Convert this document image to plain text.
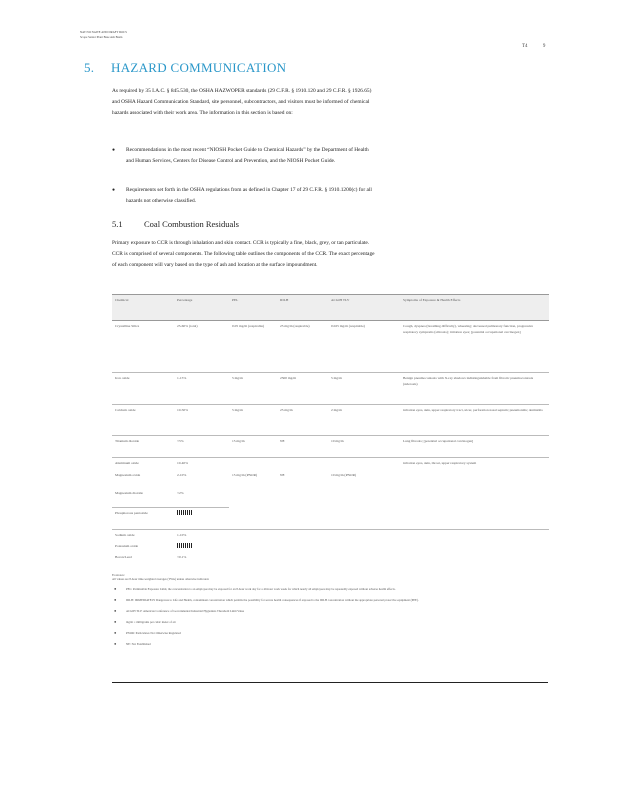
NAT NO NAITE AND DRAFT DOCS
Scope Senior Plant Base Ash Basin
T4	9
5. HAZARD COMMUNICATION
As required by 35 I.A.C. § 845.530, the OSHA HAZWOPER standards (29 C.F.R. § 1910.120 and 29 C.F.R. § 1926.65) and OSHA Hazard Communication Standard, site personnel, subcontractors, and visitors must be informed of chemical hazards associated with their work area. The information in this section is based on:
● Recommendations in the most recent “NIOSH Pocket Guide to Chemical Hazards” by the Department of Health and Human Services, Centers for Disease Control and Prevention, and the NIOSH Pocket Guide.
● Requirements set forth in the OSHA regulations from as defined in Chapter 17 of 29 C.F.R. § 1910.1200(c) for all hazards not otherwise classified.
5.1	Coal Combustion Residuals
Primary exposure to CCR is through inhalation and skin contact. CCR is typically a fine, black, grey, or tan particulate. CCR is comprised of several components. The following table outlines the components of the CCR. The exact percentage of each component will vary based on the type of ash and location at the surface impoundment.
Chemical	Percentage	PEL	IDLH	ACGIH TLV	Symptoms of Exposure & Health Effects
Crystalline Silica	25-60% (total)	0.05 mg/m (respirable)	25 mg/m (respirable)	0.025 mg/m (respirable)	Cough, dyspnea (breathing difficulty), wheezing; decreased pulmonary function, progressive respiratory symptoms (silicosis); irritation eyes; [potential occupational carcinogen]
Iron oxide	1-15%	5 mg/m	2500 mg/m	5 mg/m	Benign pneumoconiosis with X-ray shadows indistinguishable from fibrotic pneumoconiosis (siderosis)
Calcium oxide	10-50%	5 mg/m	25 mg/m	2 mg/m	irritation eyes, skin, upper respiratory tract, ulcer, perforation nasal septum; pneumonitis; dermatitis
Titanium dioxide	<5%	15 mg/m	NE	10 mg/m	Lung fibrosis; [potential occupational carcinogen]
Aluminum oxide	10-40%				irritation eyes, skin, throat, upper respiratory system
Magnesium oxide	2-10%	15 mg/m (PNOR)	NE	10 mg/m (PNOR)	
Magnesium dioxide	<2%				
Phosphorous pentoxide					
Sodium oxide	1-10%				
Potassium oxide					
Boron/Lead	<0.1%				
Footnotes:
All values are 8-hour time-weighted averages (TWA) unless otherwise indicated.
●	PEL: Permissible Exposure Limit, the concentration to an employee may be exposed for an 8-hour work day for a 40-hour work week for which nearly all employees may be repeatedly exposed without adverse health effects.
●	IDLH: IMMEDIATELY Dangerous to Life and Health, contaminant concentration which permits the possibility for severe health consequences if exposed to the IDLH concentration without the appropriate personal protective equipment (PPE).
●	ACGIH TLV: American Conference of Governmental Industrial Hygienists Threshold Limit Value
●	mg/m = milligrams per cubic meter of air
●	PNOR: Particulates Not Otherwise Regulated
●	NE: Not Established
